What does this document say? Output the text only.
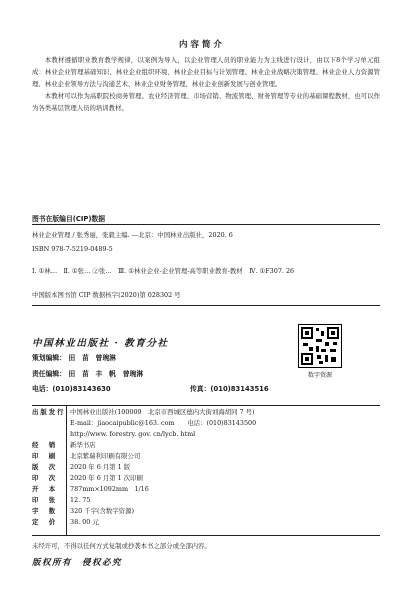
内 容 简 介

本教材遵循职业教育教学规律，以案例为导入，以企业管理人员的职业能力为主线进行设计，由以下8个学习单元组成：林业企业管理基础知识、林业企业组织环境、林业企业目标与计划管理、林业企业战略决策管理、林业企业人力资源管理、林业企业领导方法与沟通艺术、林业企业财务管理、林业企业创新发展与创业管理。

本教材可以作为高职院校商务管理、农业经济管理、市场营销、物流管理、财务管理等专业的基础课程教材，也可以作为各类基层管理人员的培训教材。

图书在版编目(CIP)数据
林业企业管理 / 张秀丽，张毅主编. —北京：中国林业出版社，2020. 6
ISBN 978-7-5219-0489-5
Ⅰ. ①林…　Ⅱ. ①张… ②张…　Ⅲ. ①林业企业-企业管理-高等职业教育-教材　Ⅳ. ①F307. 26
中国版本图书馆 CIP 数据核字(2020)第 028302 号
中国林业出版社 · 教育分社
策划编辑： 田　苗　曾琬淋
责任编辑： 田　苗　丰　帆　曾琬淋
电话：(010)83143630	传真：(010)83143516
数字资源
出版发行 中国林业出版社(100009　北京市西城区德内大街刘海胡同 7 号)
E-mail：jiaocaipublic@163. com　　电话：(010)83143500
http://www. forestry. gov. cn/lycb. html
经　销	新华书店
印　刷	北京紫瑞利印刷有限公司
版　次	2020 年 6 月第 1 版
印　次	2020 年 6 月第 1 次印刷
开　本	787mm×1092mm　1/16
印　张	12. 75
字　数	320 千字(含数字资源)
定　价	38. 00 元
未经许可，不得以任何方式复制或抄袭本书之部分或全部内容。
版权所有　侵权必究
